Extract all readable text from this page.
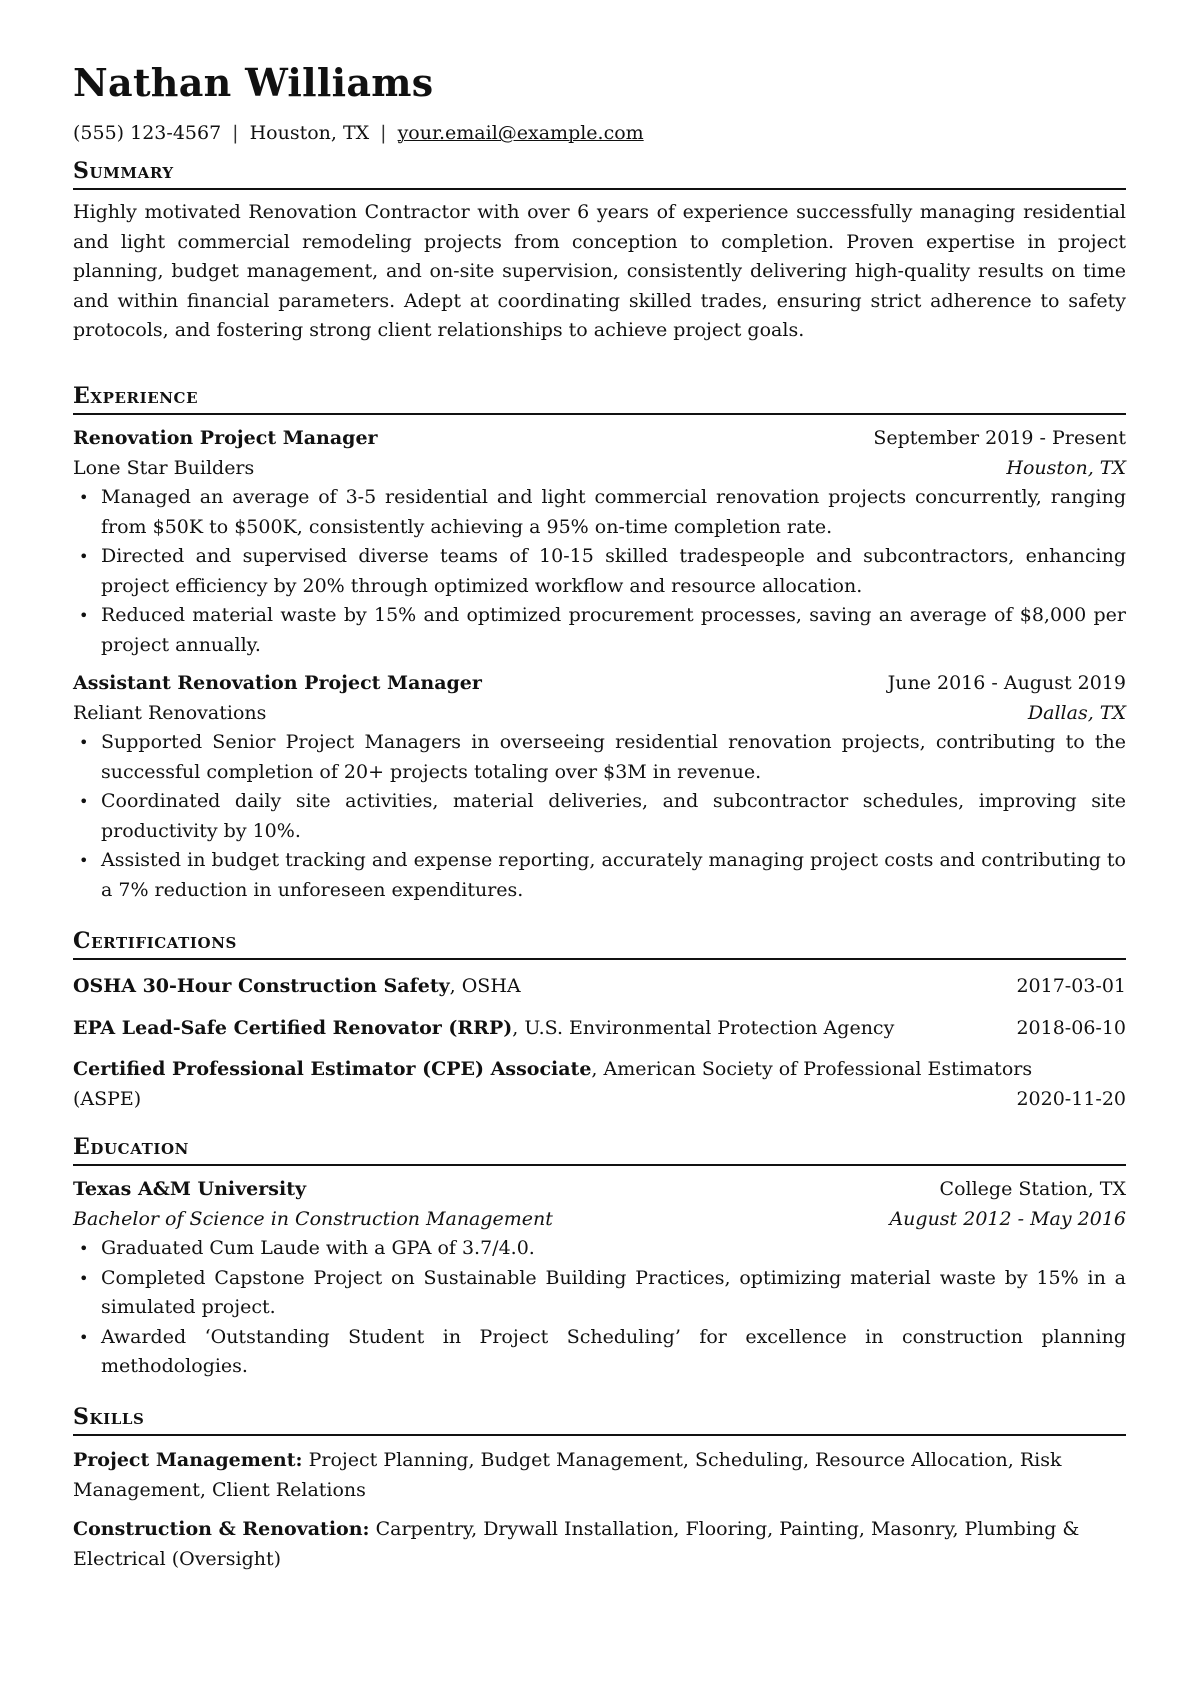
Nathan Williams
(555) 123-4567 | Houston, TX | your.email@example.com
Summary
Highly motivated Renovation Contractor with over 6 years of experience successfully managing residential and light commercial remodeling projects from conception to completion. Proven expertise in project planning, budget management, and on-site supervision, consistently delivering high-quality results on time and within financial parameters. Adept at coordinating skilled trades, ensuring strict adherence to safety protocols, and fostering strong client relationships to achieve project goals.
Experience
Renovation Project Manager	September 2019 - Present
Lone Star Builders	Houston, TX
• Managed an average of 3-5 residential and light commercial renovation projects concurrently, ranging from $50K to $500K, consistently achieving a 95% on-time completion rate.
• Directed and supervised diverse teams of 10-15 skilled tradespeople and subcontractors, enhancing project efficiency by 20% through optimized workflow and resource allocation.
• Reduced material waste by 15% and optimized procurement processes, saving an average of $8,000 per project annually.
Assistant Renovation Project Manager	June 2016 - August 2019
Reliant Renovations	Dallas, TX
• Supported Senior Project Managers in overseeing residential renovation projects, contributing to the successful completion of 20+ projects totaling over $3M in revenue.
• Coordinated daily site activities, material deliveries, and subcontractor schedules, improving site productivity by 10%.
• Assisted in budget tracking and expense reporting, accurately managing project costs and contributing to a 7% reduction in unforeseen expenditures.
Certifications
OSHA 30-Hour Construction Safety, OSHA	2017-03-01
EPA Lead-Safe Certified Renovator (RRP), U.S. Environmental Protection Agency	2018-06-10
Certified Professional Estimator (CPE) Associate, American Society of Professional Estimators
(ASPE)	2020-11-20
Education
Texas A&M University	College Station, TX
Bachelor of Science in Construction Management	August 2012 - May 2016
• Graduated Cum Laude with a GPA of 3.7/4.0.
• Completed Capstone Project on Sustainable Building Practices, optimizing material waste by 15% in a simulated project.
• Awarded ‘Outstanding Student in Project Scheduling’ for excellence in construction planning methodologies.
Skills
Project Management: Project Planning, Budget Management, Scheduling, Resource Allocation, Risk Management, Client Relations
Construction & Renovation: Carpentry, Drywall Installation, Flooring, Painting, Masonry, Plumbing & Electrical (Oversight)
